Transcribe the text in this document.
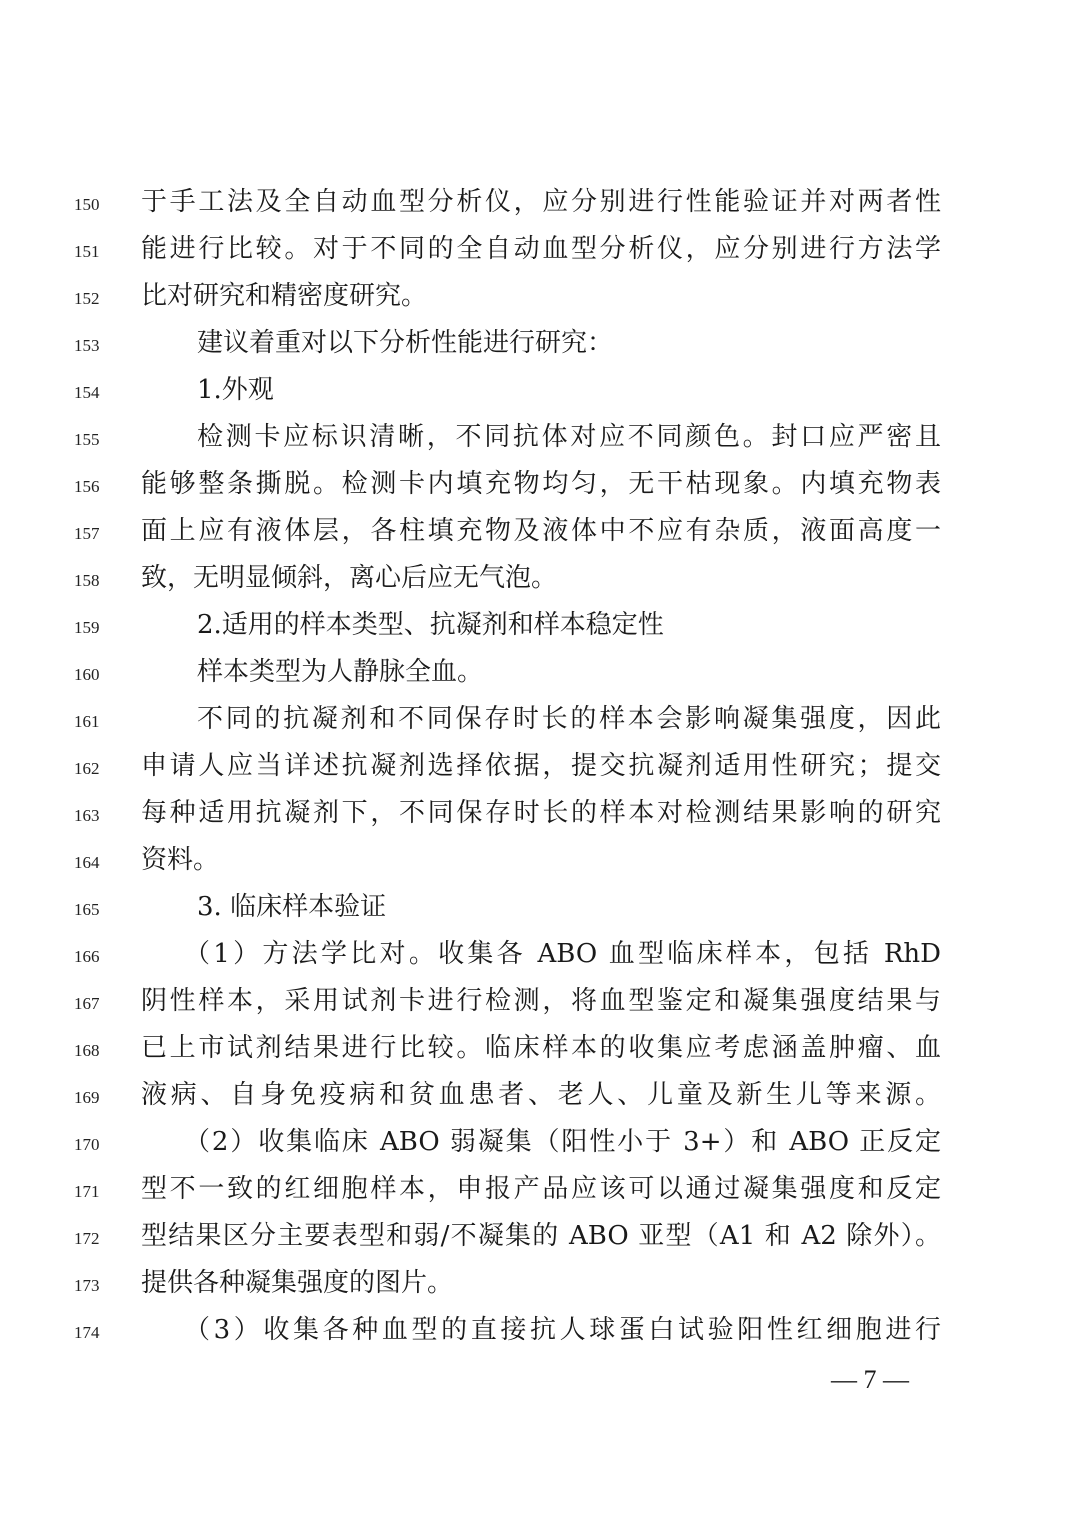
150	于手工法及全自动血型分析仪，应分别进行性能验证并对两者性
151	能进行比较。对于不同的全自动血型分析仪，应分别进行方法学
152	比对研究和精密度研究。
153	建议着重对以下分析性能进行研究：
154	1.外观
155	检测卡应标识清晰，不同抗体对应不同颜色。封口应严密且
156	能够整条撕脱。检测卡内填充物均匀，无干枯现象。内填充物表
157	面上应有液体层，各柱填充物及液体中不应有杂质，液面高度一
158	致，无明显倾斜，离心后应无气泡。
159	2.适用的样本类型、抗凝剂和样本稳定性
160	样本类型为人静脉全血。
161	不同的抗凝剂和不同保存时长的样本会影响凝集强度，因此
162	申请人应当详述抗凝剂选择依据，提交抗凝剂适用性研究；提交
163	每种适用抗凝剂下，不同保存时长的样本对检测结果影响的研究
164	资料。
165	3. 临床样本验证
166	（1）方法学比对。收集各 ABO 血型临床样本，包括 RhD
167	阴性样本，采用试剂卡进行检测，将血型鉴定和凝集强度结果与
168	已上市试剂结果进行比较。临床样本的收集应考虑涵盖肿瘤、血
169	液病、自身免疫病和贫血患者、老人、儿童及新生儿等来源。
170	（2）收集临床 ABO 弱凝集（阳性小于 3+）和 ABO 正反定
171	型不一致的红细胞样本，申报产品应该可以通过凝集强度和反定
172	型结果区分主要表型和弱/不凝集的 ABO 亚型（A1 和 A2 除外）。
173	提供各种凝集强度的图片。
174	（3）收集各种血型的直接抗人球蛋白试验阳性红细胞进行
— 7 —
